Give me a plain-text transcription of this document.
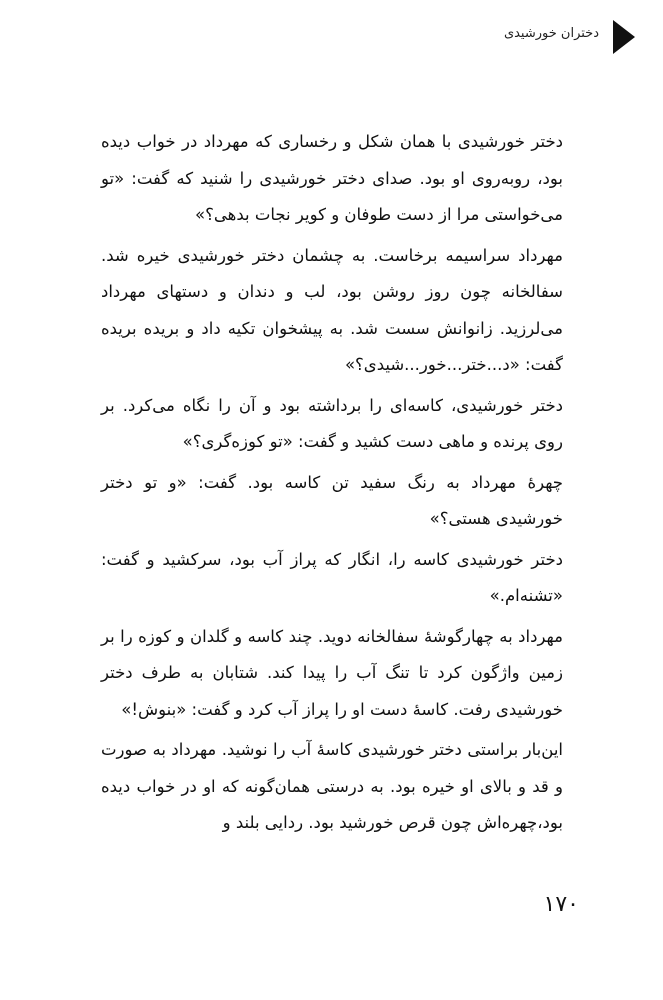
دختران خورشیدی

دختر خورشیدی با همان شکل و رخساری که مهرداد در خواب دیده بود، روبه‌روی او بود. صدای دختر خورشیدی را شنید که گفت: «تو می‌خواستی مرا از دست طوفان و کویر نجات بدهی؟»

مهرداد سراسیمه برخاست. به چشمان دختر خورشیدی خیره شد. سفالخانه چون روز روشن بود، لب و دندان و دستهای مهرداد می‌لرزید. زانوانش سست شد. به پیشخوان تکیه داد و بریده بریده گفت: «د...ختر...خور...شیدی؟»

دختر خورشیدی، کاسه‌ای را برداشته بود و آن را نگاه می‌کرد. بر روی پرنده و ماهی دست کشید و گفت: «تو کوزه‌گری؟»

چهرهٔ مهرداد به رنگ سفید تن کاسه بود. گفت: «و تو دختر خورشیدی هستی؟»

دختر خورشیدی کاسه را، انگار که پراز آب بود، سرکشید و گفت: «تشنه‌ام.»

مهرداد به چهارگوشهٔ سفالخانه دوید. چند کاسه و گلدان و کوزه را بر زمین واژگون کرد تا تنگ آب را پیدا کند. شتابان به طرف دختر خورشیدی رفت. کاسهٔ دست او را پراز آب کرد و گفت: «بنوش!»

این‌بار براستی دختر خورشیدی کاسهٔ آب را نوشید. مهرداد به صورت و قد و بالای او خیره بود. به درستی همان‌گونه که او در خواب دیده بود،چهره‌اش چون قرص خورشید بود. ردایی بلند و

۱۷۰
